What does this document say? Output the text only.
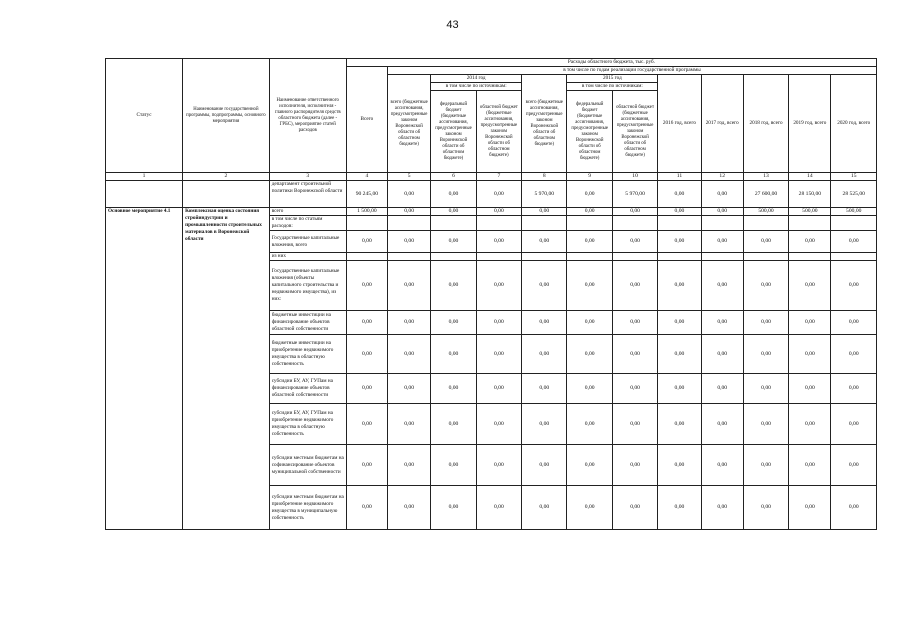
43
Статус	Наименование государственной программы, подпрограммы, основного мероприятия	Наименование ответственного исполнителя, исполнителя - главного распорядителя средств областного бюджета (далее - ГРБС), мероприятие статей расходов	Расходы областного бюджета, тыс. руб.											
			Всего	в том числе по годам реализации государственной программы										
				всего (бюджетные ассигнования, предусмотренные законом Воронежской области об областном бюджете)	2014 год		всего (бюджетные ассигнования, предусмотренные законом Воронежской области об областном бюджете)	2015 год		2016 год, всего	2017 год, всего	2018 год, всего	2019 год, всего	2020 год, всего
					в том числе по источникам:			в том числе по источникам:						
					федеральный бюджет (бюджетные ассигнования, предусмотренные законом Воронежской области об областном бюджете)	областной бюджет (бюджетные ассигнования, предусмотренные законом Воронежской области об областном бюджете)		федеральный бюджет (бюджетные ассигнования, предусмотренные законом Воронежской области об областном бюджете)	областной бюджет (бюджетные ассигнования, предусмотренные законом Воронежской области об областном бюджете)					
1	2	3	4	5	6	7	8	9	10	11	12	13	14	15
		департамент строительной политики Воронежской области	90 245,00	0,00	0,00	0,00	5 970,00	0,00	5 970,00	0,00	0,00	27 600,00	28 150,00	28 525,00
Основное мероприятие 4.1	Комплексная оценка состояния стройиндустрии и промышленности строительных материалов в Воронежской области	всего	1 500,00	0,00	0,00	0,00	0,00	0,00	0,00	0,00	0,00	500,00	500,00	500,00
		в том числе по статьям расходов:												
		Государственные капитальные вложения, всего	0,00	0,00	0,00	0,00	0,00	0,00	0,00	0,00	0,00	0,00	0,00	0,00
		из них												
		Государственные капитальные вложения (объекты капитального строительства и недвижимого имущества), из них:	0,00	0,00	0,00	0,00	0,00	0,00	0,00	0,00	0,00	0,00	0,00	0,00
		бюджетные инвестиции на финансирование объектов областной собственности	0,00	0,00	0,00	0,00	0,00	0,00	0,00	0,00	0,00	0,00	0,00	0,00
		бюджетные инвестиции на приобретение недвижимого имущества в областную собственность	0,00	0,00	0,00	0,00	0,00	0,00	0,00	0,00	0,00	0,00	0,00	0,00
		субсидии БУ, АУ, ГУПам на финансирование объектов областной собственности	0,00	0,00	0,00	0,00	0,00	0,00	0,00	0,00	0,00	0,00	0,00	0,00
		субсидии БУ, АУ, ГУПам на приобретение недвижимого имущества в областную собственность	0,00	0,00	0,00	0,00	0,00	0,00	0,00	0,00	0,00	0,00	0,00	0,00
		субсидии местным бюджетам на софинансирование объектов муниципальной собственности	0,00	0,00	0,00	0,00	0,00	0,00	0,00	0,00	0,00	0,00	0,00	0,00
		субсидии местным бюджетам на приобретение недвижимого имущества в муниципальную собственность	0,00	0,00	0,00	0,00	0,00	0,00	0,00	0,00	0,00	0,00	0,00	0,00
